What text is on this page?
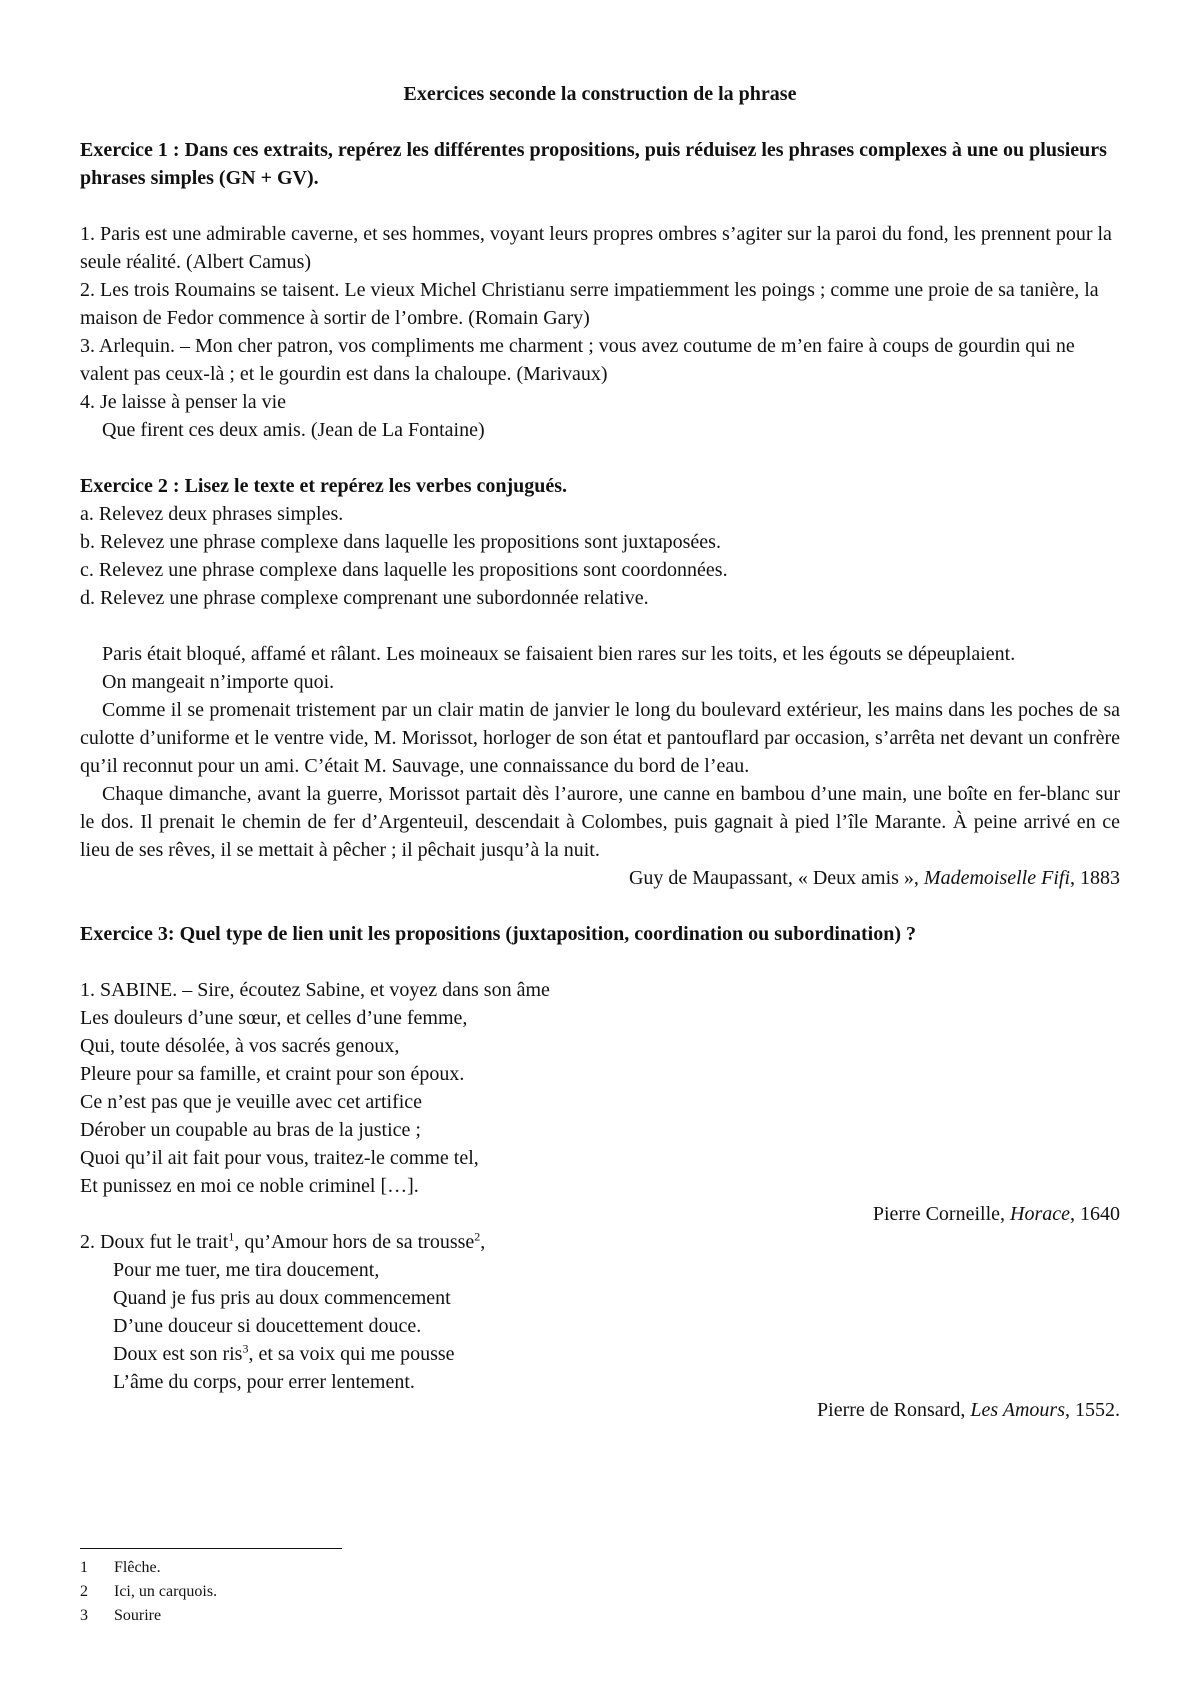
Exercices seconde la construction de la phrase

Exercice 1 : Dans ces extraits, repérez les différentes propositions, puis réduisez les phrases complexes à une ou plusieurs phrases simples (GN + GV).

1. Paris est une admirable caverne, et ses hommes, voyant leurs propres ombres s’agiter sur la paroi du fond, les prennent pour la seule réalité. (Albert Camus)

2. Les trois Roumains se taisent. Le vieux Michel Christianu serre impatiemment les poings ; comme une proie de sa tanière, la maison de Fedor commence à sortir de l’ombre. (Romain Gary)

3. Arlequin. – Mon cher patron, vos compliments me charment ; vous avez coutume de m’en faire à coups de gourdin qui ne valent pas ceux-là ; et le gourdin est dans la chaloupe. (Marivaux)

4. Je laisse à penser la vie

Que firent ces deux amis. (Jean de La Fontaine)

Exercice 2 : Lisez le texte et repérez les verbes conjugués.

a. Relevez deux phrases simples.

b. Relevez une phrase complexe dans laquelle les propositions sont juxtaposées.

c. Relevez une phrase complexe dans laquelle les propositions sont coordonnées.

d. Relevez une phrase complexe comprenant une subordonnée relative.

Paris était bloqué, affamé et râlant. Les moineaux se faisaient bien rares sur les toits, et les égouts se dépeuplaient.

On mangeait n’importe quoi.

Comme il se promenait tristement par un clair matin de janvier le long du boulevard extérieur, les mains dans les poches de sa culotte d’uniforme et le ventre vide, M. Morissot, horloger de son état et pantouflard par occasion, s’arrêta net devant un confrère qu’il reconnut pour un ami. C’était M. Sauvage, une connaissance du bord de l’eau.

Chaque dimanche, avant la guerre, Morissot partait dès l’aurore, une canne en bambou d’une main, une boîte en fer-blanc sur le dos. Il prenait le chemin de fer d’Argenteuil, descendait à Colombes, puis gagnait à pied l’île Marante. À peine arrivé en ce lieu de ses rêves, il se mettait à pêcher ; il pêchait jusqu’à la nuit.

Guy de Maupassant, « Deux amis », Mademoiselle Fifi, 1883

Exercice 3: Quel type de lien unit les propositions (juxtaposition, coordination ou subordination) ?

1. SABINE. – Sire, écoutez Sabine, et voyez dans son âme

Les douleurs d’une sœur, et celles d’une femme,

Qui, toute désolée, à vos sacrés genoux,

Pleure pour sa famille, et craint pour son époux.

Ce n’est pas que je veuille avec cet artifice

Dérober un coupable au bras de la justice ;

Quoi qu’il ait fait pour vous, traitez-le comme tel,

Et punissez en moi ce noble criminel […].

Pierre Corneille, Horace, 1640

2. Doux fut le trait$^1$, qu’Amour hors de sa trousse$^2$,

Pour me tuer, me tira doucement,

Quand je fus pris au doux commencement

D’une douceur si doucettement douce.

Doux est son ris$^3$, et sa voix qui me pousse

L’âme du corps, pour errer lentement.

Pierre de Ronsard, Les Amours, 1552.

1 Flêche.
2 Ici, un carquois.
3 Sourire
